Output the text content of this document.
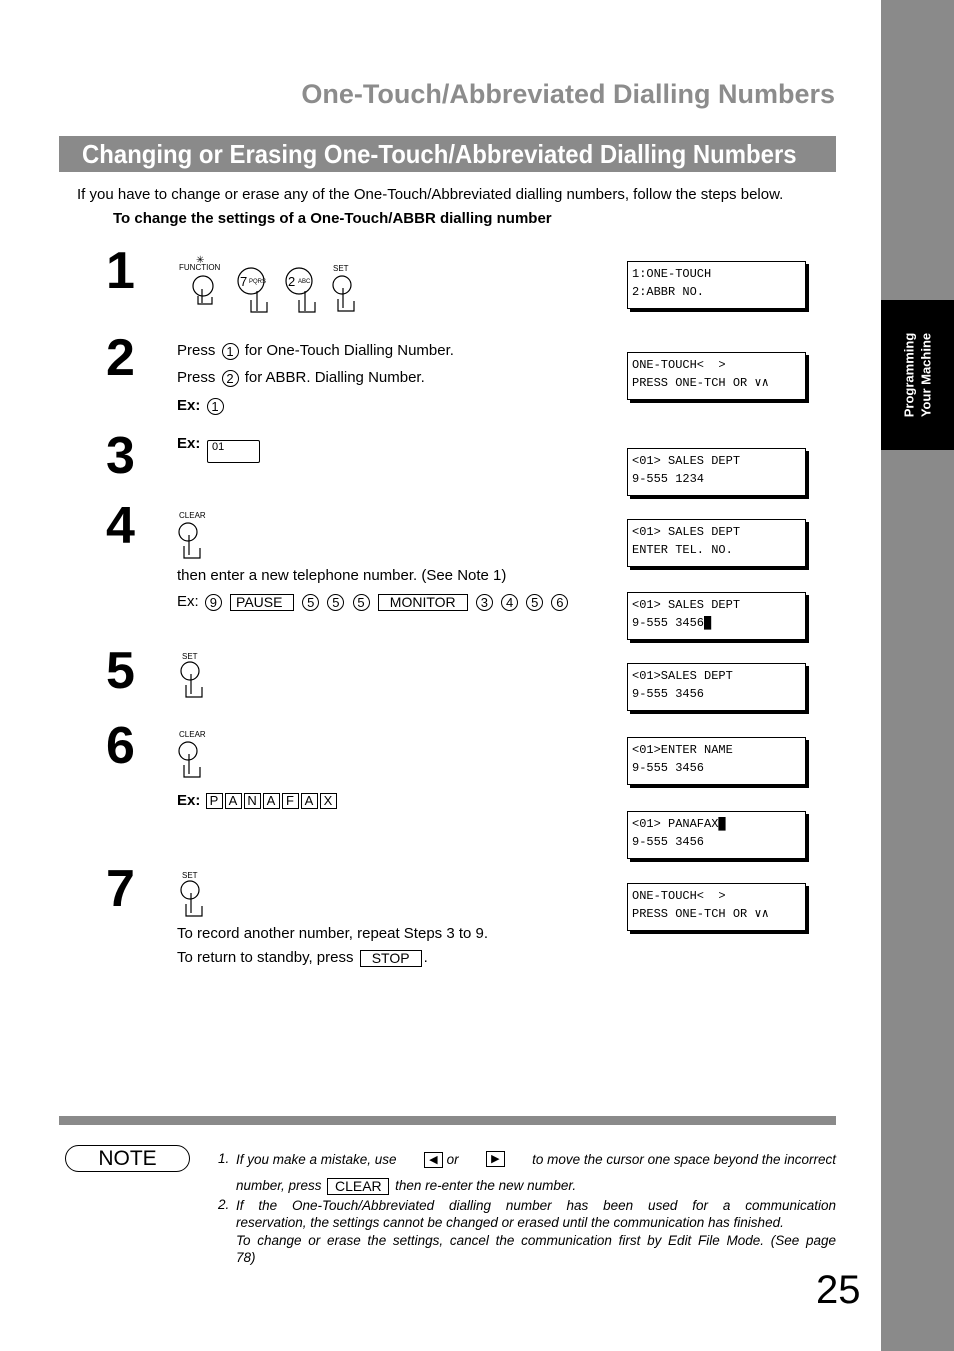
Programming Your Machine
One-Touch/Abbreviated Dialling Numbers
Changing or Erasing One-Touch/Abbreviated Dialling Numbers
If you have to change or erase any of the One-Touch/Abbreviated dialling numbers, follow the steps below.
To change the settings of a One-Touch/ABBR dialling number
1
2
3
4
5
6
7
✳
FUNCTION
7 PQRS 2 ABC
SET
Press 1 for One-Touch Dialling Number.
Press 2 for ABBR. Dialling Number.
Ex: 1
Ex:	01
CLEAR
then enter a new telephone number. (See Note 1)
Ex: 9 PAUSE 5 5 5 MONITOR 3 4 5 6
SET
CLEAR
Ex: P A N A F A X
SET
To record another number, repeat Steps 3 to 9.
To return to standby, press STOP .
1:ONE-TOUCH
2:ABBR NO.
ONE-TOUCH<  >
PRESS ONE-TCH OR ∨∧
<01> SALES DEPT
9-555 1234
<01> SALES DEPT
ENTER TEL. NO.
<01> SALES DEPT
9-555 3456█
<01>SALES DEPT
9-555 3456
<01>ENTER NAME
9-555 3456
<01> PANAFAX█
9-555 3456
ONE-TOUCH<  >
PRESS ONE-TCH OR ∨∧
NOTE	1. If you make a mistake, use	◀ or	▶	to move the cursor one space beyond the incorrect
number, press CLEAR then re-enter the new number.
2. If the One-Touch/Abbreviated dialling number has been used for a communication
reservation, the settings cannot be changed or erased until the communication has finished.
To change or erase the settings, cancel the communication first by Edit File Mode. (See page
78)
25
